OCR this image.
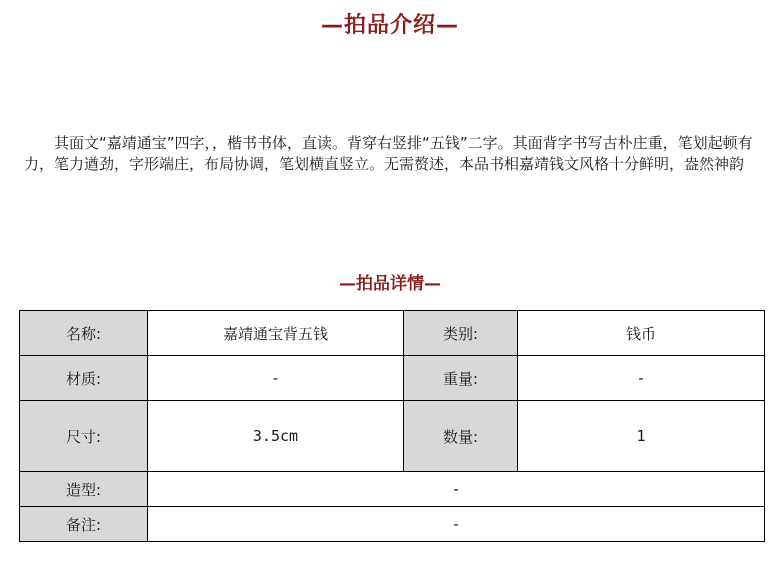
—拍品介绍—

其面文“嘉靖通宝”四字，，楷书书体，直读。背穿右竖排“五钱”二字。其面背字书写古朴庄重，笔划起顿有力，笔力遒劲，字形端庄，布局协调，笔划横直竖立。无需赘述，本品书相嘉靖钱文风格十分鲜明，盎然神韵

—拍品详情—
名称:	嘉靖通宝背五钱	类别:	钱币
材质:	-	重量:	-
尺寸:	3.5cm	数量:	1
造型:	-		
备注:	-		
